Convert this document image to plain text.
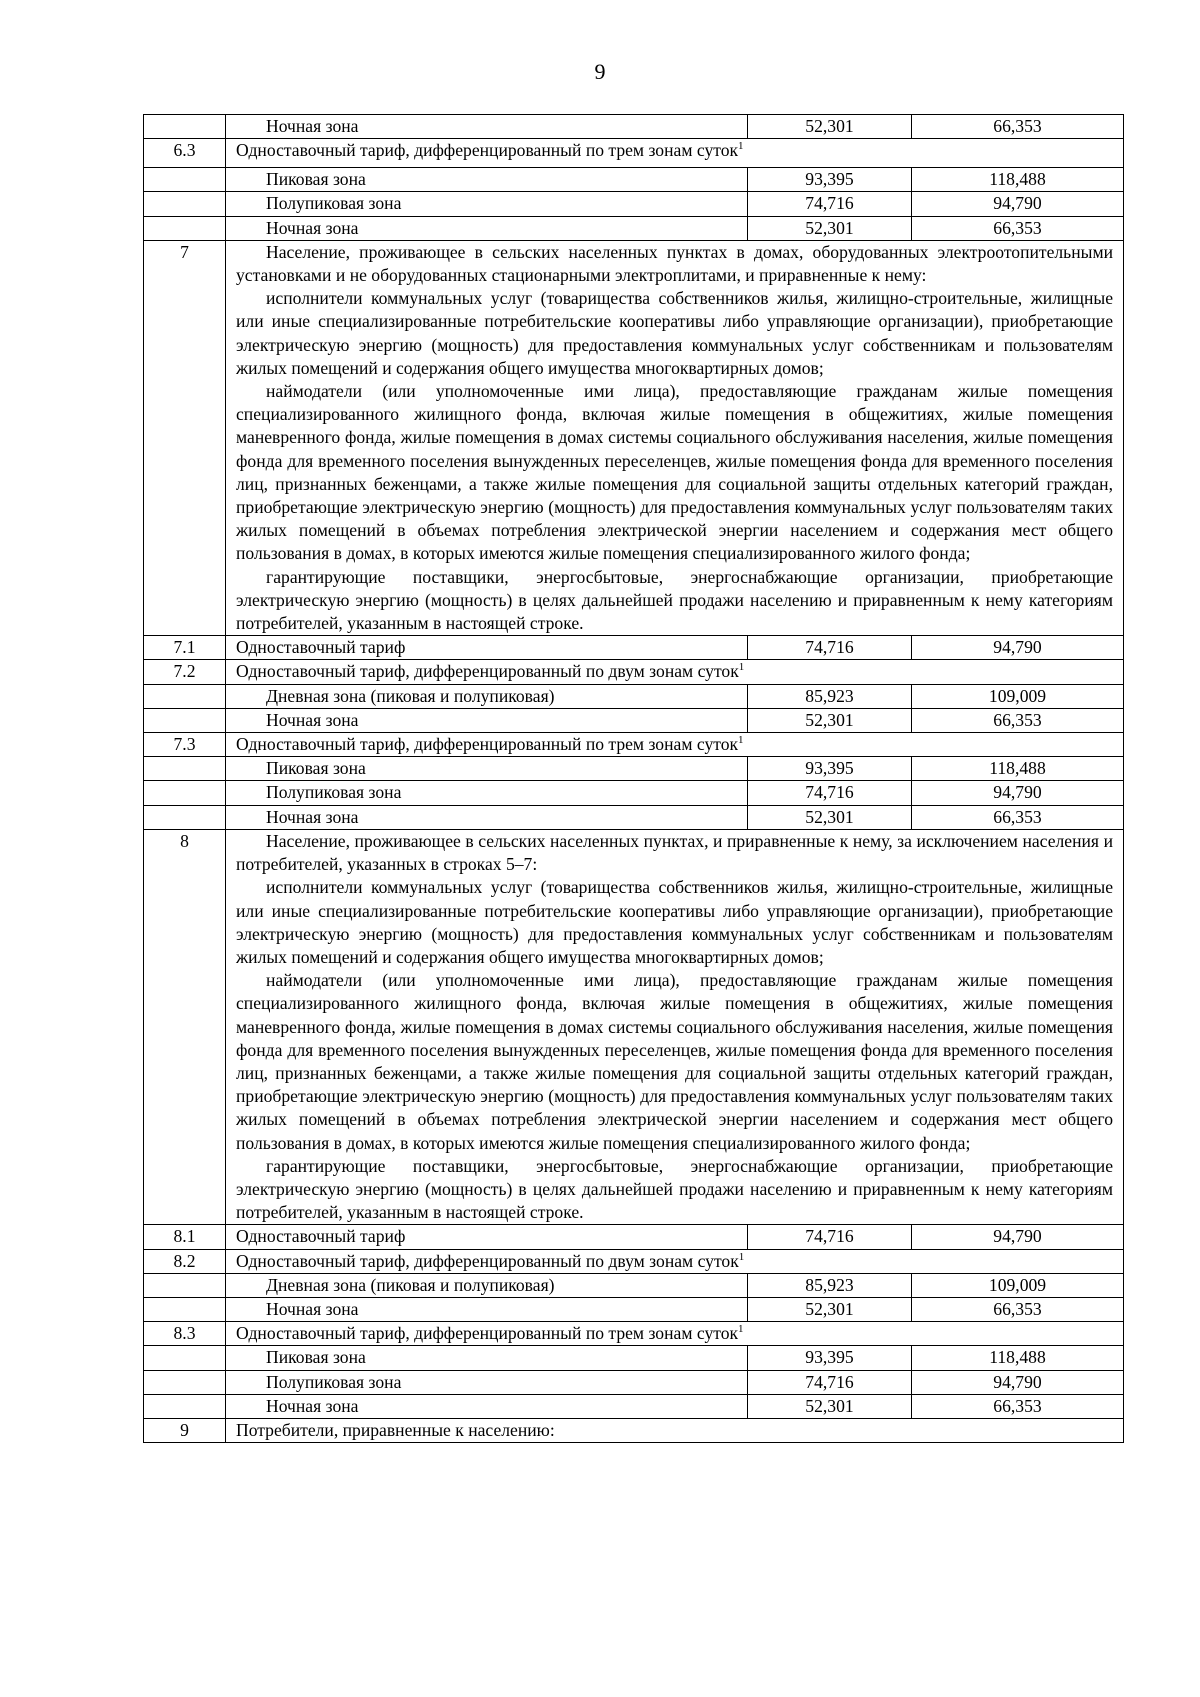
9
	Ночная зона	52,301	66,353
6.3	Одноставочный тариф, дифференцированный по трем зонам суток$^1$
	Пиковая зона	93,395	118,488
	Полупиковая зона	74,716	94,790
	Ночная зона	52,301	66,353
7	Население, проживающее в сельских населенных пунктах в домах, оборудованных электроотопительными установками и не оборудованных стационарными электроплитами, и приравненные к нему:

исполнители коммунальных услуг (товарищества собственников жилья, жилищно-строительные, жилищные или иные специализированные потребительские кооперативы либо управляющие организации), приобретающие электрическую энергию (мощность) для предоставления коммунальных услуг собственникам и пользователям жилых помещений и содержания общего имущества многоквартирных домов;

наймодатели (или уполномоченные ими лица), предоставляющие гражданам жилые помещения специализированного жилищного фонда, включая жилые помещения в общежитиях, жилые помещения маневренного фонда, жилые помещения в домах системы социального обслуживания населения, жилые помещения фонда для временного поселения вынужденных переселенцев, жилые помещения фонда для временного поселения лиц, признанных беженцами, а также жилые помещения для социальной защиты отдельных категорий граждан, приобретающие электрическую энергию (мощность) для предоставления коммунальных услуг пользователям таких жилых помещений в объемах потребления электрической энергии населением и содержания мест общего пользования в домах, в которых имеются жилые помещения специализированного жилого фонда;

гарантирующие поставщики, энергосбытовые, энергоснабжающие организации, приобретающие электрическую энергию (мощность) в целях дальнейшей продажи населению и приравненным к нему категориям потребителей, указанным в настоящей строке.		

7.1	Одноставочный тариф	74,716	94,790
7.2	Одноставочный тариф, дифференцированный по двум зонам суток$^1$
	Дневная зона (пиковая и полупиковая)	85,923	109,009
	Ночная зона	52,301	66,353
7.3	Одноставочный тариф, дифференцированный по трем зонам суток$^1$
	Пиковая зона	93,395	118,488
	Полупиковая зона	74,716	94,790
	Ночная зона	52,301	66,353
8	Население, проживающее в сельских населенных пунктах, и приравненные к нему, за исключением населения и потребителей, указанных в строках 5–7:

исполнители коммунальных услуг (товарищества собственников жилья, жилищно-строительные, жилищные или иные специализированные потребительские кооперативы либо управляющие организации), приобретающие электрическую энергию (мощность) для предоставления коммунальных услуг собственникам и пользователям жилых помещений и содержания общего имущества многоквартирных домов;

наймодатели (или уполномоченные ими лица), предоставляющие гражданам жилые помещения специализированного жилищного фонда, включая жилые помещения в общежитиях, жилые помещения маневренного фонда, жилые помещения в домах системы социального обслуживания населения, жилые помещения фонда для временного поселения вынужденных переселенцев, жилые помещения фонда для временного поселения лиц, признанных беженцами, а также жилые помещения для социальной защиты отдельных категорий граждан, приобретающие электрическую энергию (мощность) для предоставления коммунальных услуг пользователям таких жилых помещений в объемах потребления электрической энергии населением и содержания мест общего пользования в домах, в которых имеются жилые помещения специализированного жилого фонда;

гарантирующие поставщики, энергосбытовые, энергоснабжающие организации, приобретающие электрическую энергию (мощность) в целях дальнейшей продажи населению и приравненным к нему категориям потребителей, указанным в настоящей строке.		

8.1	Одноставочный тариф	74,716	94,790
8.2	Одноставочный тариф, дифференцированный по двум зонам суток$^1$
	Дневная зона (пиковая и полупиковая)	85,923	109,009
	Ночная зона	52,301	66,353
8.3	Одноставочный тариф, дифференцированный по трем зонам суток$^1$
	Пиковая зона	93,395	118,488
	Полупиковая зона	74,716	94,790
	Ночная зона	52,301	66,353
9	Потребители, приравненные к населению:		
